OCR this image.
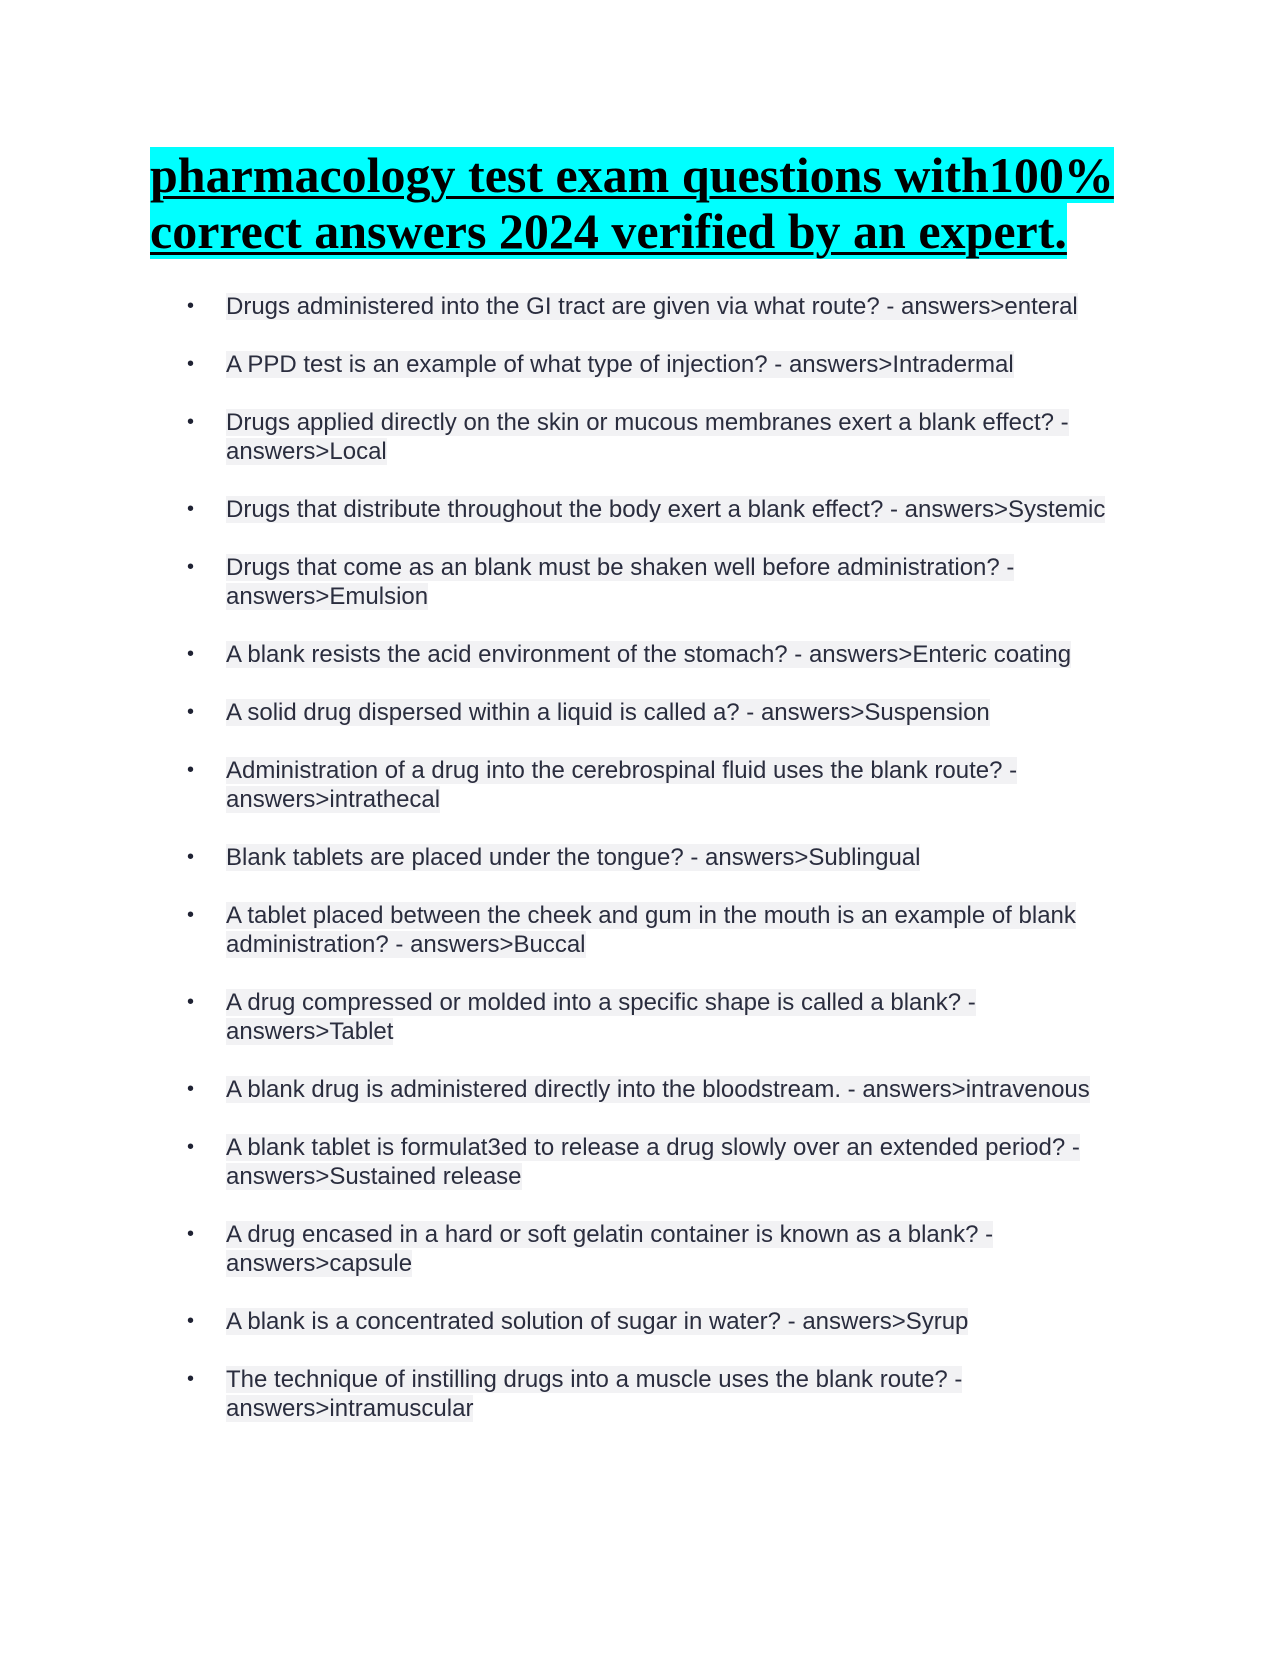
pharmacology test exam questions with100% correct answers 2024 verified by an expert.
• Drugs administered into the GI tract are given via what route? - answers>enteral
• A PPD test is an example of what type of injection? - answers>Intradermal
• Drugs applied directly on the skin or mucous membranes exert a blank effect? - answers>Local
• Drugs that distribute throughout the body exert a blank effect? - answers>Systemic
• Drugs that come as an blank must be shaken well before administration? - answers>Emulsion
• A blank resists the acid environment of the stomach? - answers>Enteric coating
• A solid drug dispersed within a liquid is called a? - answers>Suspension
• Administration of a drug into the cerebrospinal fluid uses the blank route? - answers>intrathecal
• Blank tablets are placed under the tongue? - answers>Sublingual
• A tablet placed between the cheek and gum in the mouth is an example of blank administration? - answers>Buccal
• A drug compressed or molded into a specific shape is called a blank? - answers>Tablet
• A blank drug is administered directly into the bloodstream. - answers>intravenous
• A blank tablet is formulat3ed to release a drug slowly over an extended period? - answers>Sustained release
• A drug encased in a hard or soft gelatin container is known as a blank? - answers>capsule
• A blank is a concentrated solution of sugar in water? - answers>Syrup
• The technique of instilling drugs into a muscle uses the blank route? - answers>intramuscular
